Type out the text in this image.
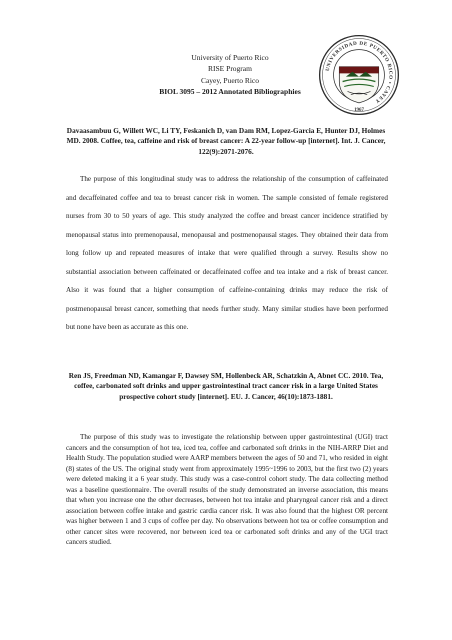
University of Puerto Rico
RISE Program
Cayey, Puerto Rico
BIOL 3095 – 2012 Annotated Bibliographies
UNIVERSIDAD DE PUERTO RICO • CAYEY
1967
Davaasambuu G, Willett WC, Li TY, Feskanich D, van Dam RM, Lopez-Garcia E, Hunter DJ, Holmes MD. 2008. Coffee, tea, caffeine and risk of breast cancer: A 22-year follow-up [internet]. Int. J. Cancer, 122(9):2071-2076.

The purpose of this longitudinal study was to address the relationship of the consumption of caffeinated and decaffeinated coffee and tea to breast cancer risk in women. The sample consisted of female registered nurses from 30 to 50 years of age. This study analyzed the coffee and breast cancer incidence stratified by menopausal status into premenopausal, menopausal and postmenopausal stages. They obtained their data from long follow up and repeated measures of intake that were qualified through a survey. Results show no substantial association between caffeinated or decaffeinated coffee and tea intake and a risk of breast cancer. Also it was found that a higher consumption of caffeine-containing drinks may reduce the risk of postmenopausal breast cancer, something that needs further study. Many similar studies have been performed but none have been as accurate as this one.

Ren JS, Freedman ND, Kamangar F, Dawsey SM, Hollenbeck AR, Schatzkin A, Abnet CC. 2010. Tea, coffee, carbonated soft drinks and upper gastrointestinal tract cancer risk in a large United States prospective cohort study [internet]. EU. J. Cancer, 46(10):1873-1881.

The purpose of this study was to investigate the relationship between upper gastrointestinal (UGI) tract cancers and the consumption of hot tea, iced tea, coffee and carbonated soft drinks in the NIH-ARRP Diet and Health Study. The population studied were AARP members between the ages of 50 and 71, who resided in eight (8) states of the US. The original study went from approximately 1995~1996 to 2003, but the first two (2) years were deleted making it a 6 year study. This study was a case-control cohort study. The data collecting method was a baseline questionnaire. The overall results of the study demonstrated an inverse association, this means that when you increase one the other decreases, between hot tea intake and pharyngeal cancer risk and a direct association between coffee intake and gastric cardia cancer risk. It was also found that the highest OR percent was higher between 1 and 3 cups of coffee per day. No observations between hot tea or coffee consumption and other cancer sites were recovered, nor between iced tea or carbonated soft drinks and any of the UGI tract cancers studied.
